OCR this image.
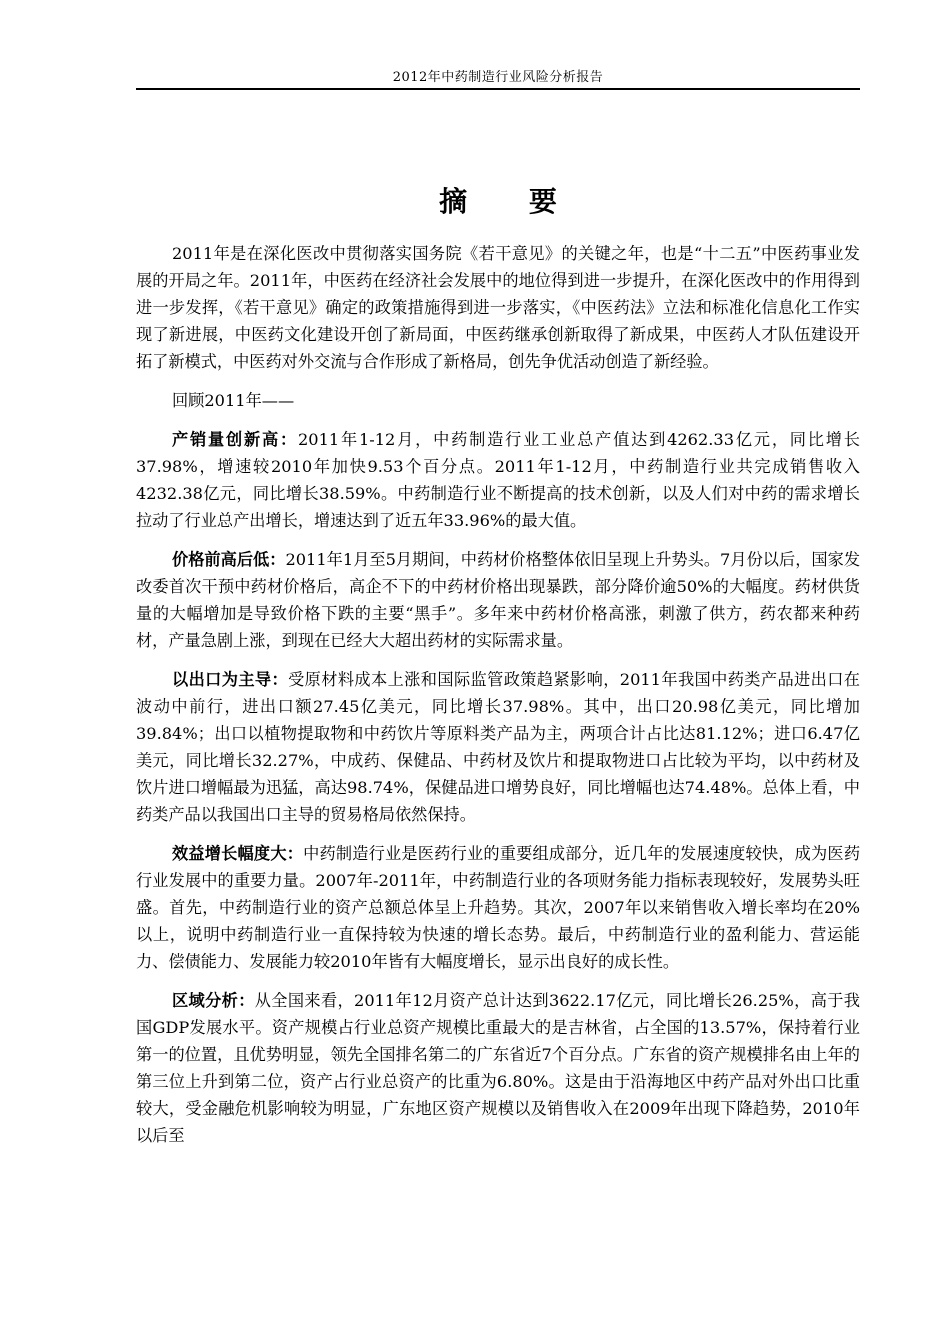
2012年中药制造行业风险分析报告
摘 要

2011年是在深化医改中贯彻落实国务院《若干意见》的关键之年，也是“十二五”中医药事业发展的开局之年。2011年，中医药在经济社会发展中的地位得到进一步提升，在深化医改中的作用得到进一步发挥，《若干意见》确定的政策措施得到进一步落实，《中医药法》立法和标准化信息化工作实现了新进展，中医药文化建设开创了新局面，中医药继承创新取得了新成果，中医药人才队伍建设开拓了新模式，中医药对外交流与合作形成了新格局，创先争优活动创造了新经验。

回顾2011年——

产销量创新高：2011年1-12月，中药制造行业工业总产值达到4262.33亿元，同比增长37.98%，增速较2010年加快9.53个百分点。2011年1-12月，中药制造行业共完成销售收入4232.38亿元，同比增长38.59%。中药制造行业不断提高的技术创新，以及人们对中药的需求增长拉动了行业总产出增长，增速达到了近五年33.96%的最大值。

价格前高后低：2011年1月至5月期间，中药材价格整体依旧呈现上升势头。7月份以后，国家发改委首次干预中药材价格后，高企不下的中药材价格出现暴跌，部分降价逾50%的大幅度。药材供货量的大幅增加是导致价格下跌的主要“黑手”。多年来中药材价格高涨，刺激了供方，药农都来种药材，产量急剧上涨，到现在已经大大超出药材的实际需求量。

以出口为主导：受原材料成本上涨和国际监管政策趋紧影响，2011年我国中药类产品进出口在波动中前行，进出口额27.45亿美元，同比增长37.98%。其中，出口20.98亿美元，同比增加39.84%；出口以植物提取物和中药饮片等原料类产品为主，两项合计占比达81.12%；进口6.47亿美元，同比增长32.27%，中成药、保健品、中药材及饮片和提取物进口占比较为平均，以中药材及饮片进口增幅最为迅猛，高达98.74%，保健品进口增势良好，同比增幅也达74.48%。总体上看，中药类产品以我国出口主导的贸易格局依然保持。

效益增长幅度大：中药制造行业是医药行业的重要组成部分，近几年的发展速度较快，成为医药行业发展中的重要力量。2007年-2011年，中药制造行业的各项财务能力指标表现较好，发展势头旺盛。首先，中药制造行业的资产总额总体呈上升趋势。其次，2007年以来销售收入增长率均在20%以上，说明中药制造行业一直保持较为快速的增长态势。最后，中药制造行业的盈利能力、营运能力、偿债能力、发展能力较2010年皆有大幅度增长，显示出良好的成长性。

区域分析：从全国来看，2011年12月资产总计达到3622.17亿元，同比增长26.25%，高于我国GDP发展水平。资产规模占行业总资产规模比重最大的是吉林省，占全国的13.57%，保持着行业第一的位置，且优势明显，领先全国排名第二的广东省近7个百分点。广东省的资产规模排名由上年的第三位上升到第二位，资产占行业总资产的比重为6.80%。这是由于沿海地区中药产品对外出口比重较大，受金融危机影响较为明显，广东地区资产规模以及销售收入在2009年出现下降趋势，2010年以后至
